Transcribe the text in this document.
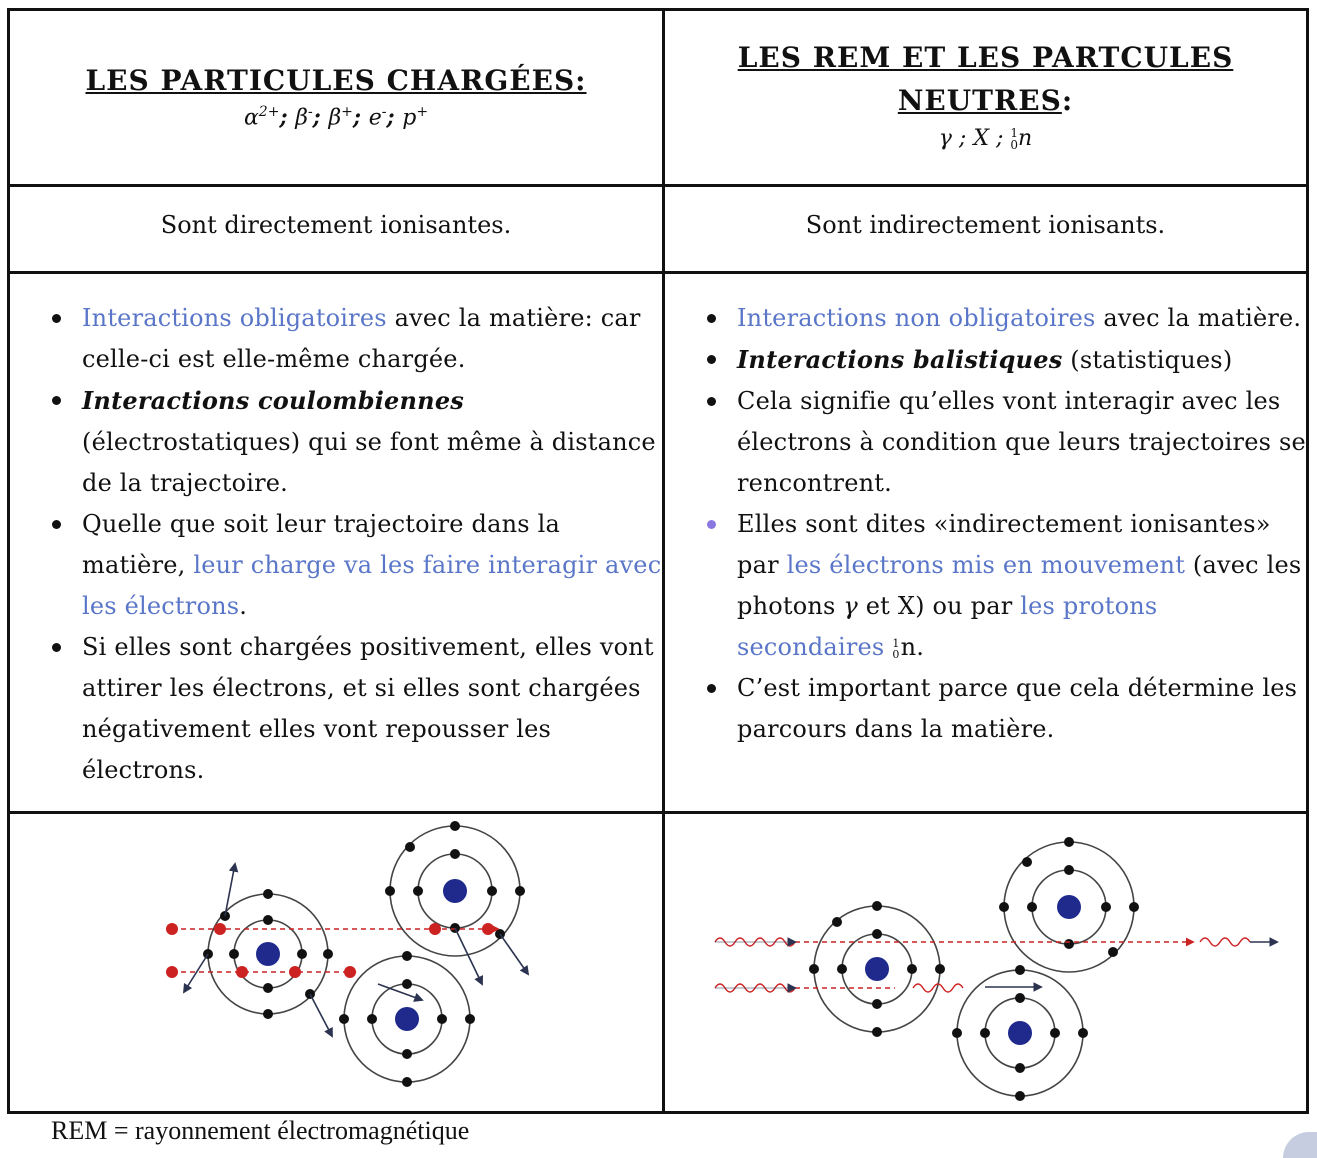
LES PARTICULES CHARGÉES:
$\alpha^{2+}$; β-; β+; e-; p+
LES REM ET LES PARTCULES
NEUTRES:
γ ; X ; 1
0n
Sont directement ionisantes.	Sont indirectement ionisants.
Interactions obligatoires avec la matière: car celle-ci est elle-même chargée.
Interactions coulombiennes (électrostatiques) qui se font même à distance de la trajectoire.
Quelle que soit leur trajectoire dans la matière, leur charge va les faire interagir avec les électrons.
Si elles sont chargées positivement, elles vont attirer les électrons, et si elles sont chargées négativement elles vont repousser les électrons.
Interactions non obligatoires avec la matière.
Interactions balistiques (statistiques)
Cela signifie qu’elles vont interagir avec les électrons à condition que leurs trajectoires se rencontrent.
Elles sont dites «indirectement ionisantes» par les électrons mis en mouvement (avec les photons γ et X) ou par les protons secondaires 1
0n.
C’est important parce que cela détermine les parcours dans la matière.
REM = rayonnement électromagnétique
